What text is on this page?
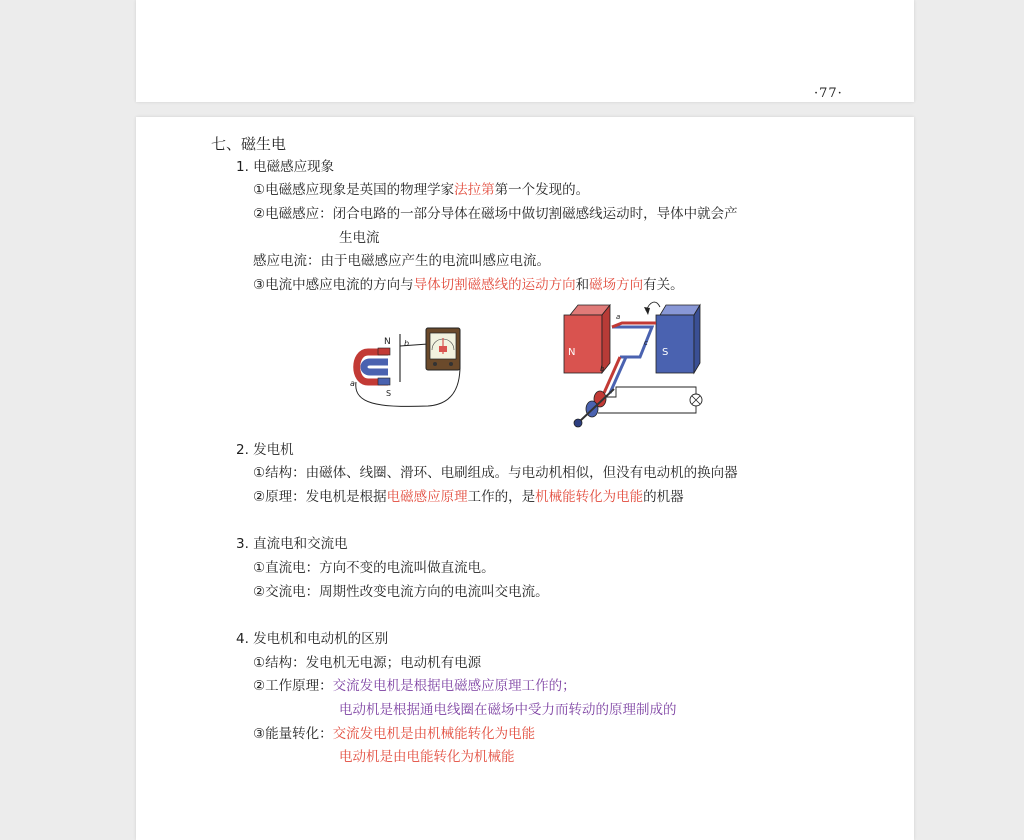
·77·
七、磁生电
1. 电磁感应现象
①电磁感应现象是英国的物理学家法拉第第一个发现的。
②电磁感应：闭合电路的一部分导体在磁场中做切割磁感线运动时，导体中就会产
生电流
感应电流：由于电磁感应产生的电流叫感应电流。
③电流中感应电流的方向与导体切割磁感线的运动方向和磁场方向有关。
N
S
a
b
N	S
a
b
c
2. 发电机
①结构：由磁体、线圈、滑环、电刷组成。与电动机相似，但没有电动机的换向器
②原理：发电机是根据电磁感应原理工作的，是机械能转化为电能的机器
3. 直流电和交流电
①直流电：方向不变的电流叫做直流电。
②交流电：周期性改变电流方向的电流叫交电流。
4. 发电机和电动机的区别
①结构：发电机无电源；电动机有电源
②工作原理：交流发电机是根据电磁感应原理工作的；
电动机是根据通电线圈在磁场中受力而转动的原理制成的
③能量转化：交流发电机是由机械能转化为电能
电动机是由电能转化为机械能
